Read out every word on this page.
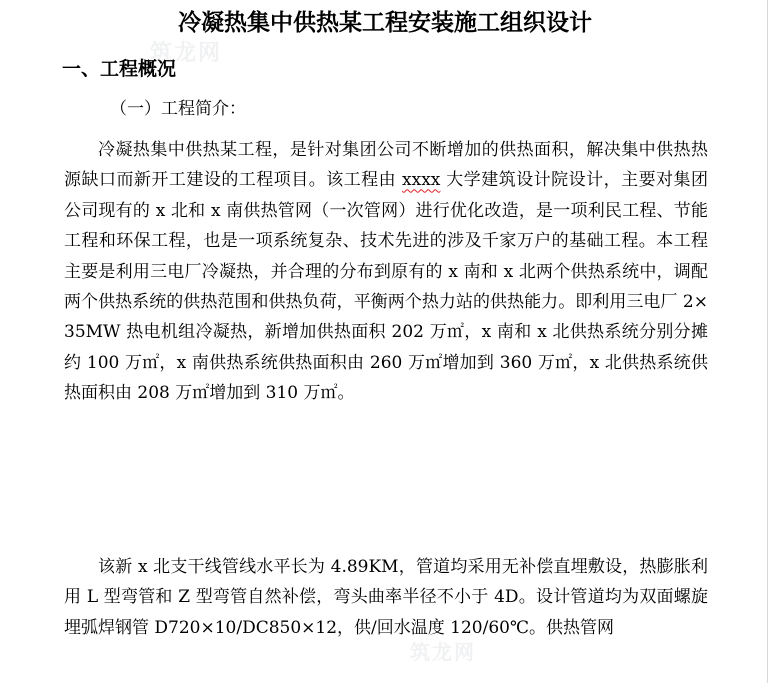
筑龙网
筑龙网
冷凝热集中供热某工程安装施工组织设计
一、工程概况
（一）工程简介：

冷凝热集中供热某工程，是针对集团公司不断增加的供热面积，解决集中供热热源缺口而新开工建设的工程项目。该工程由 xxxx 大学建筑设计院设计，主要对集团公司现有的 x 北和 x 南供热管网（一次管网）进行优化改造，是一项利民工程、节能工程和环保工程，也是一项系统复杂、技术先进的涉及千家万户的基础工程。本工程主要是利用三电厂冷凝热，并合理的分布到原有的 x 南和 x 北两个供热系统中，调配两个供热系统的供热范围和供热负荷，平衡两个热力站的供热能力。即利用三电厂 2×35MW 热电机组冷凝热，新增加供热面积 202 万㎡，x 南和 x 北供热系统分别分摊约 100 万㎡，x 南供热系统供热面积由 260 万㎡增加到 360 万㎡，x 北供热系统供热面积由 208 万㎡增加到 310 万㎡。

该新 x 北支干线管线水平长为 4.89KM，管道均采用无补偿直埋敷设，热膨胀利用 L 型弯管和 Z 型弯管自然补偿，弯头曲率半径不小于 4D。设计管道均为双面螺旋埋弧焊钢管 D720×10/DC850×12，供/回水温度 120/60℃。供热管网
